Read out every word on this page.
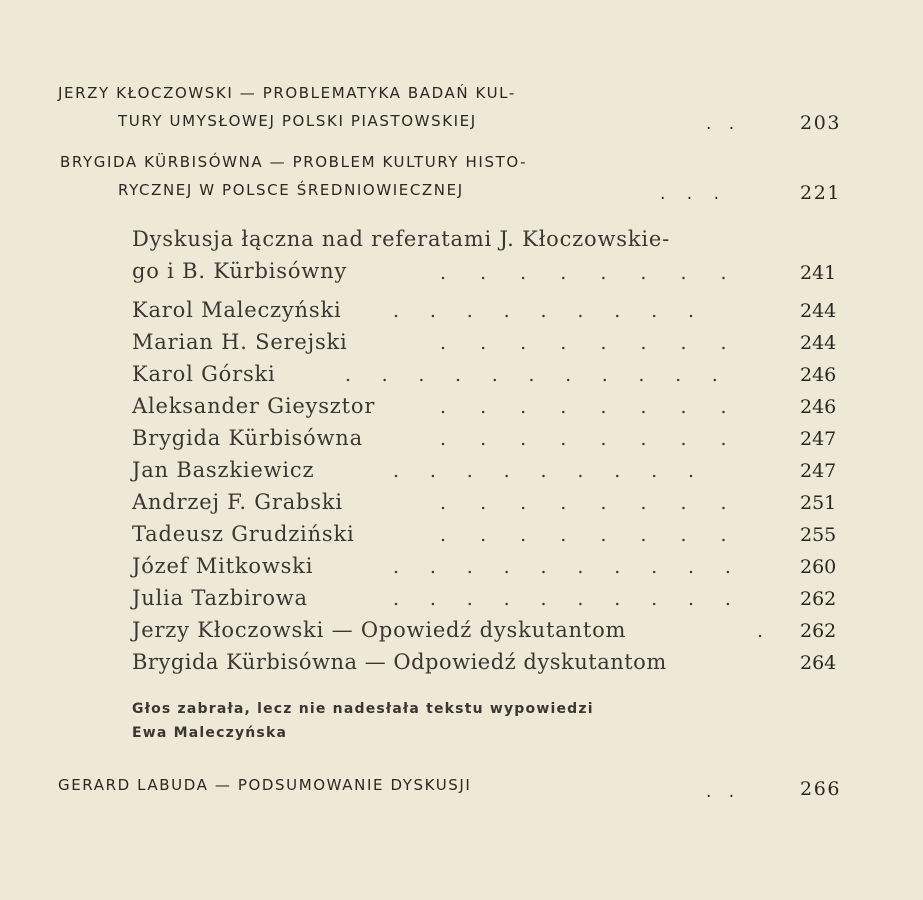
JERZY KŁOCZOWSKI — PROBLEMATYKA BADAŃ KUL-
TURY UMYSŁOWEJ POLSKI PIASTOWSKIEJ	. .	203
BRYGIDA KÜRBISÓWNA — PROBLEM KULTURY HISTO-
RYCZNEJ W POLSCE ŚREDNIOWIECZNEJ	. . .	221
Dyskusja łączna nad referatami J. Kłoczowskie-
go i B. Kürbisówny	. . . . . . . .	241
Karol Maleczyński	. . . . . . . . .	244
Marian H. Serejski	. . . . . . . .	244
Karol Górski	. . . . . . . . . . .	246
Aleksander Gieysztor	. . . . . . . .	246
Brygida Kürbisówna	. . . . . . . .	247
Jan Baszkiewicz	. . . . . . . . .	247
Andrzej F. Grabski	. . . . . . . .	251
Tadeusz Grudziński	. . . . . . . .	255
Józef Mitkowski	. . . . . . . . . .	260
Julia Tazbirowa	. . . . . . . . . .	262
Jerzy Kłoczowski — Opowiedź dyskutantom	.	262
Brygida Kürbisówna — Odpowiedź dyskutantom	264
Głos zabrała, lecz nie nadesłała tekstu wypowiedzi
Ewa Maleczyńska
GERARD LABUDA — PODSUMOWANIE DYSKUSJI	. .	266
